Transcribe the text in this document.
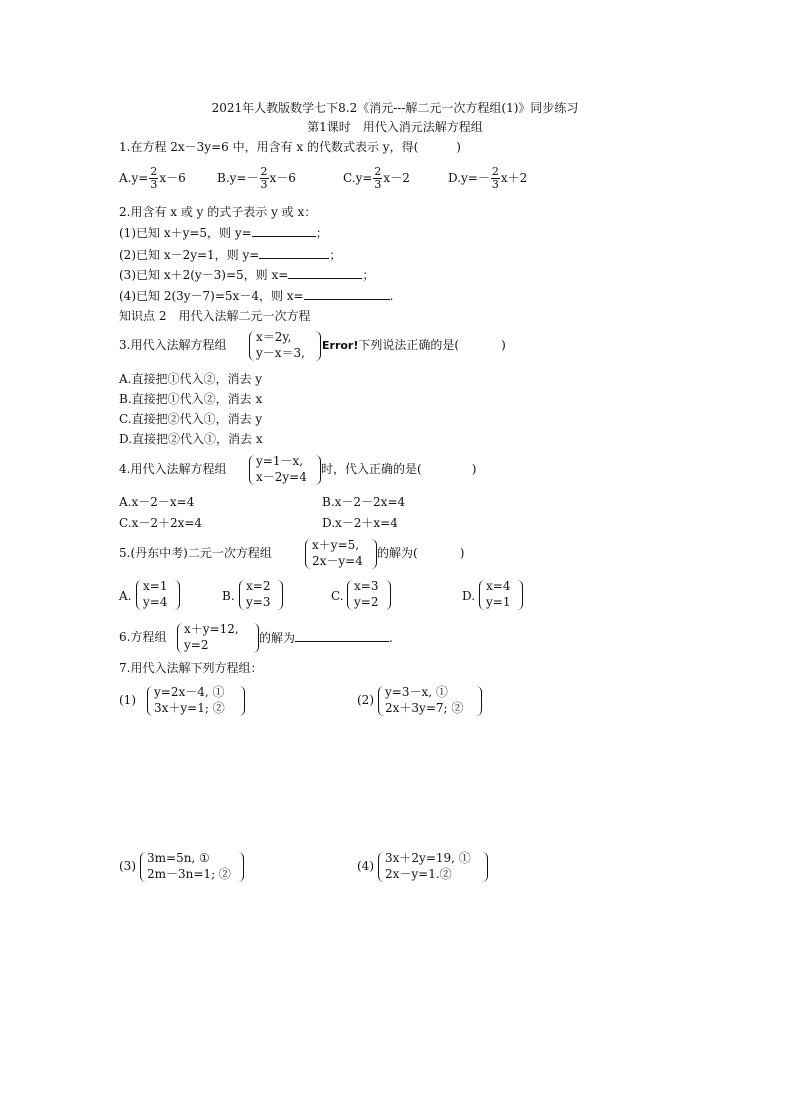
2021年人教版数学七下8.2《消元---解二元一次方程组(1)》同步练习
第1课时　用代入消元法解方程组
1.在方程 2x－3y=6 中，用含有 x 的代数式表示 y，得(	)
$A.y= \frac{2}{3} x-6$	$B.y=- \frac{2}{3} x-6$	$C.y= \frac{2}{3} x-2$	$D.y=- \frac{2}{3} x+2$
2.用含有 x 或 y 的式子表示 y 或 x：
(1)已知 x＋y=5，则 y=	；
(2)已知 x－2y=1，则 y=	；
(3)已知 x＋2(y－3)=5，则 x=	；
(4)已知 2(3y－7)=5x－4，则 x=	.
知识点 2　用代入法解二元一次方程
3.用代入法解方程组
x＝2y,
y－x＝3,
Error!下列说法正确的是(	)
A.直接把①代入②，消去 y
B.直接把①代入②，消去 x
C.直接把②代入①，消去 y
D.直接把②代入①，消去 x
4.用代入法解方程组
y=1－x,
x－2y=4
时，代入正确的是(	)
A.x－2－x=4	B.x－2－2x=4
C.x－2＋2x=4	D.x－2＋x=4
5.(丹东中考)二元一次方程组
x＋y=5,
2x－y=4
的解为(	)
A.
x=1
y=4	B.
x=2
y=3	C.
x=3
y=2	D.
x=4
y=1
6.方程组
x＋y=12,
y=2	的解为	.
7.用代入法解下列方程组：
(1)
y=2x－4, ①
3x＋y=1; ②
(2)
y=3－x, ①
2x＋3y=7; ②
(3)
3m=5n, ①
2m－3n=1; ②
(4)
3x＋2y=19, ①
2x－y=1.②
